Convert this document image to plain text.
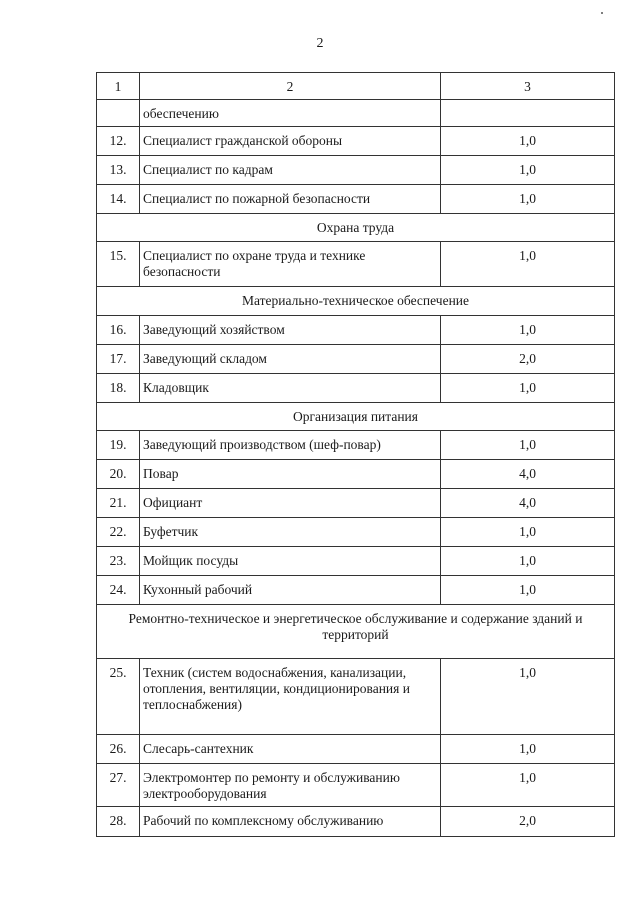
2
1	2	3

	обеспечению	

12.	Специалист гражданской обороны	1,0

13.	Специалист по кадрам	1,0

14.	Специалист по пожарной безопасности	1,0

Охрана труда		

15.	Специалист по охране труда и технике безопасности	1,0

Материально-техническое обеспечение		

16.	Заведующий хозяйством	1,0

17.	Заведующий складом	2,0

18.	Кладовщик	1,0

Организация питания		

19.	Заведующий производством (шеф-повар)	1,0

20.	Повар	4,0

21.	Официант	4,0

22.	Буфетчик	1,0

23.	Мойщик посуды	1,0

24.	Кухонный рабочий	1,0

Ремонтно-техническое и энергетическое обслуживание и содержание зданий и территорий		

25.	Техник (систем водоснабжения, канализации, отопления, вентиляции, кондиционирования и теплоснабжения)	1,0

26.	Слесарь-сантехник	1,0

27.	Электромонтер по ремонту и обслуживанию электрооборудования	1,0

28.	Рабочий по комплексному обслуживанию	2,0
